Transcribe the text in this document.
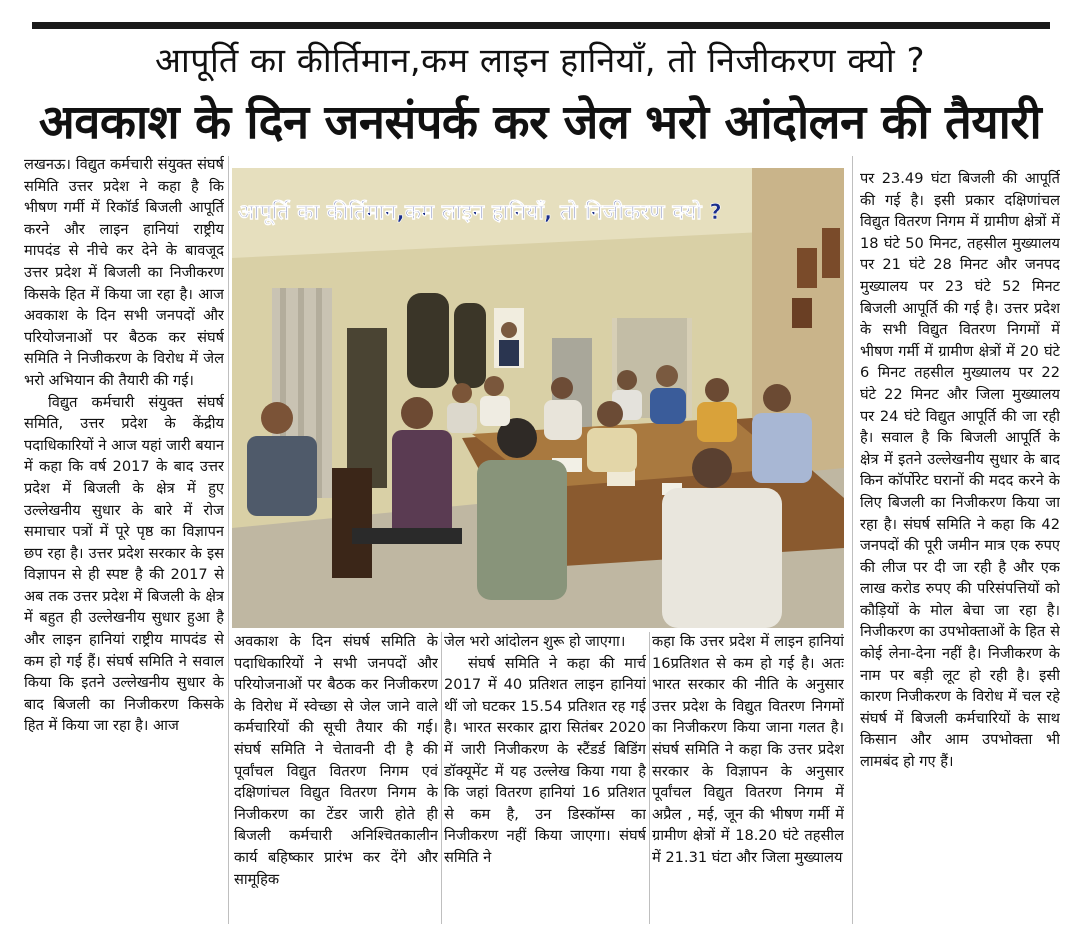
आपूर्ति का कीर्तिमान,कम लाइन हानियाँ, तो निजीकरण क्यो ?
अवकाश के दिन जनसंपर्क कर जेल भरो आंदोलन की तैयारी

लखनऊ। विद्युत कर्मचारी संयुक्त संघर्ष समिति उत्तर प्रदेश ने कहा है कि भीषण गर्मी में रिकॉर्ड बिजली आपूर्ति करने और लाइन हानियां राष्ट्रीय मापदंड से नीचे कर देने के बावजूद उत्तर प्रदेश में बिजली का निजीकरण किसके हित में किया जा रहा है। आज अवकाश के दिन सभी जनपदों और परियोजनाओं पर बैठक कर संघर्ष समिति ने निजीकरण के विरोध में जेल भरो अभियान की तैयारी की गई।

विद्युत कर्मचारी संयुक्त संघर्ष समिति, उत्तर प्रदेश के केंद्रीय पदाधिकारियों ने आज यहां जारी बयान में कहा कि वर्ष 2017 के बाद उत्तर प्रदेश में बिजली के क्षेत्र में हुए उल्लेखनीय सुधार के बारे में रोज समाचार पत्रों में पूरे पृष्ठ का विज्ञापन छप रहा है। उत्तर प्रदेश सरकार के इस विज्ञापन से ही स्पष्ट है की 2017 से अब तक उत्तर प्रदेश में बिजली के क्षेत्र में बहुत ही उल्लेखनीय सुधार हुआ है और लाइन हानियां राष्ट्रीय मापदंड से कम हो गई हैं। संघर्ष समिति ने सवाल किया कि इतने उल्लेखनीय सुधार के बाद बिजली का निजीकरण किसके हित में किया जा रहा है। आज

आपूर्ति का कीर्तिमान,कम लाइन हानियाँ, तो निजीकरण क्यो ?

अवकाश के दिन संघर्ष समिति के पदाधिकारियों ने सभी जनपदों और परियोजनाओं पर बैठक कर निजीकरण के विरोध में स्वेच्छा से जेल जाने वाले कर्मचारियों की सूची तैयार की गई। संघर्ष समिति ने चेतावनी दी है की पूर्वांचल विद्युत वितरण निगम एवं दक्षिणांचल विद्युत वितरण निगम के निजीकरण का टेंडर जारी होते ही बिजली कर्मचारी अनिश्चितकालीन कार्य बहिष्कार प्रारंभ कर देंगे और सामूहिक

जेल भरो आंदोलन शुरू हो जाएगा।

संघर्ष समिति ने कहा की मार्च 2017 में 40 प्रतिशत लाइन हानियां थीं जो घटकर 15.54 प्रतिशत रह गई है। भारत सरकार द्वारा सितंबर 2020 में जारी निजीकरण के स्टैंडर्ड बिडिंग डॉक्यूमेंट में यह उल्लेख किया गया है कि जहां वितरण हानियां 16 प्रतिशत से कम है, उन डिस्कॉम्स का निजीकरण नहीं किया जाएगा। संघर्ष समिति ने

कहा कि उत्तर प्रदेश में लाइन हानियां 16प्रतिशत से कम हो गई है। अतः भारत सरकार की नीति के अनुसार उत्तर प्रदेश के विद्युत वितरण निगमों का निजीकरण किया जाना गलत है। संघर्ष समिति ने कहा कि उत्तर प्रदेश सरकार के विज्ञापन के अनुसार पूर्वांचल विद्युत वितरण निगम में अप्रैल , मई, जून की भीषण गर्मी में ग्रामीण क्षेत्रों में 18.20 घंटे तहसील में 21.31 घंटा और जिला मुख्यालय

पर 23.49 घंटा बिजली की आपूर्ति की गई है। इसी प्रकार दक्षिणांचल विद्युत वितरण निगम में ग्रामीण क्षेत्रों में 18 घंटे 50 मिनट, तहसील मुख्यालय पर 21 घंटे 28 मिनट और जनपद मुख्यालय पर 23 घंटे 52 मिनट बिजली आपूर्ति की गई है। उत्तर प्रदेश के सभी विद्युत वितरण निगमों में भीषण गर्मी में ग्रामीण क्षेत्रों में 20 घंटे 6 मिनट तहसील मुख्यालय पर 22 घंटे 22 मिनट और जिला मुख्यालय पर 24 घंटे विद्युत आपूर्ति की जा रही है। सवाल है कि बिजली आपूर्ति के क्षेत्र में इतने उल्लेखनीय सुधार के बाद किन कॉर्पोरेट घरानों की मदद करने के लिए बिजली का निजीकरण किया जा रहा है। संघर्ष समिति ने कहा कि 42 जनपदों की पूरी जमीन मात्र एक रुपए की लीज पर दी जा रही है और एक लाख करोड रुपए की परिसंपत्तियों को कौड़ियों के मोल बेचा जा रहा है। निजीकरण का उपभोक्ताओं के हित से कोई लेना-देना नहीं है। निजीकरण के नाम पर बड़ी लूट हो रही है। इसी कारण निजीकरण के विरोध में चल रहे संघर्ष में बिजली कर्मचारियों के साथ किसान और आम उपभोक्ता भी लामबंद हो गए हैं।
